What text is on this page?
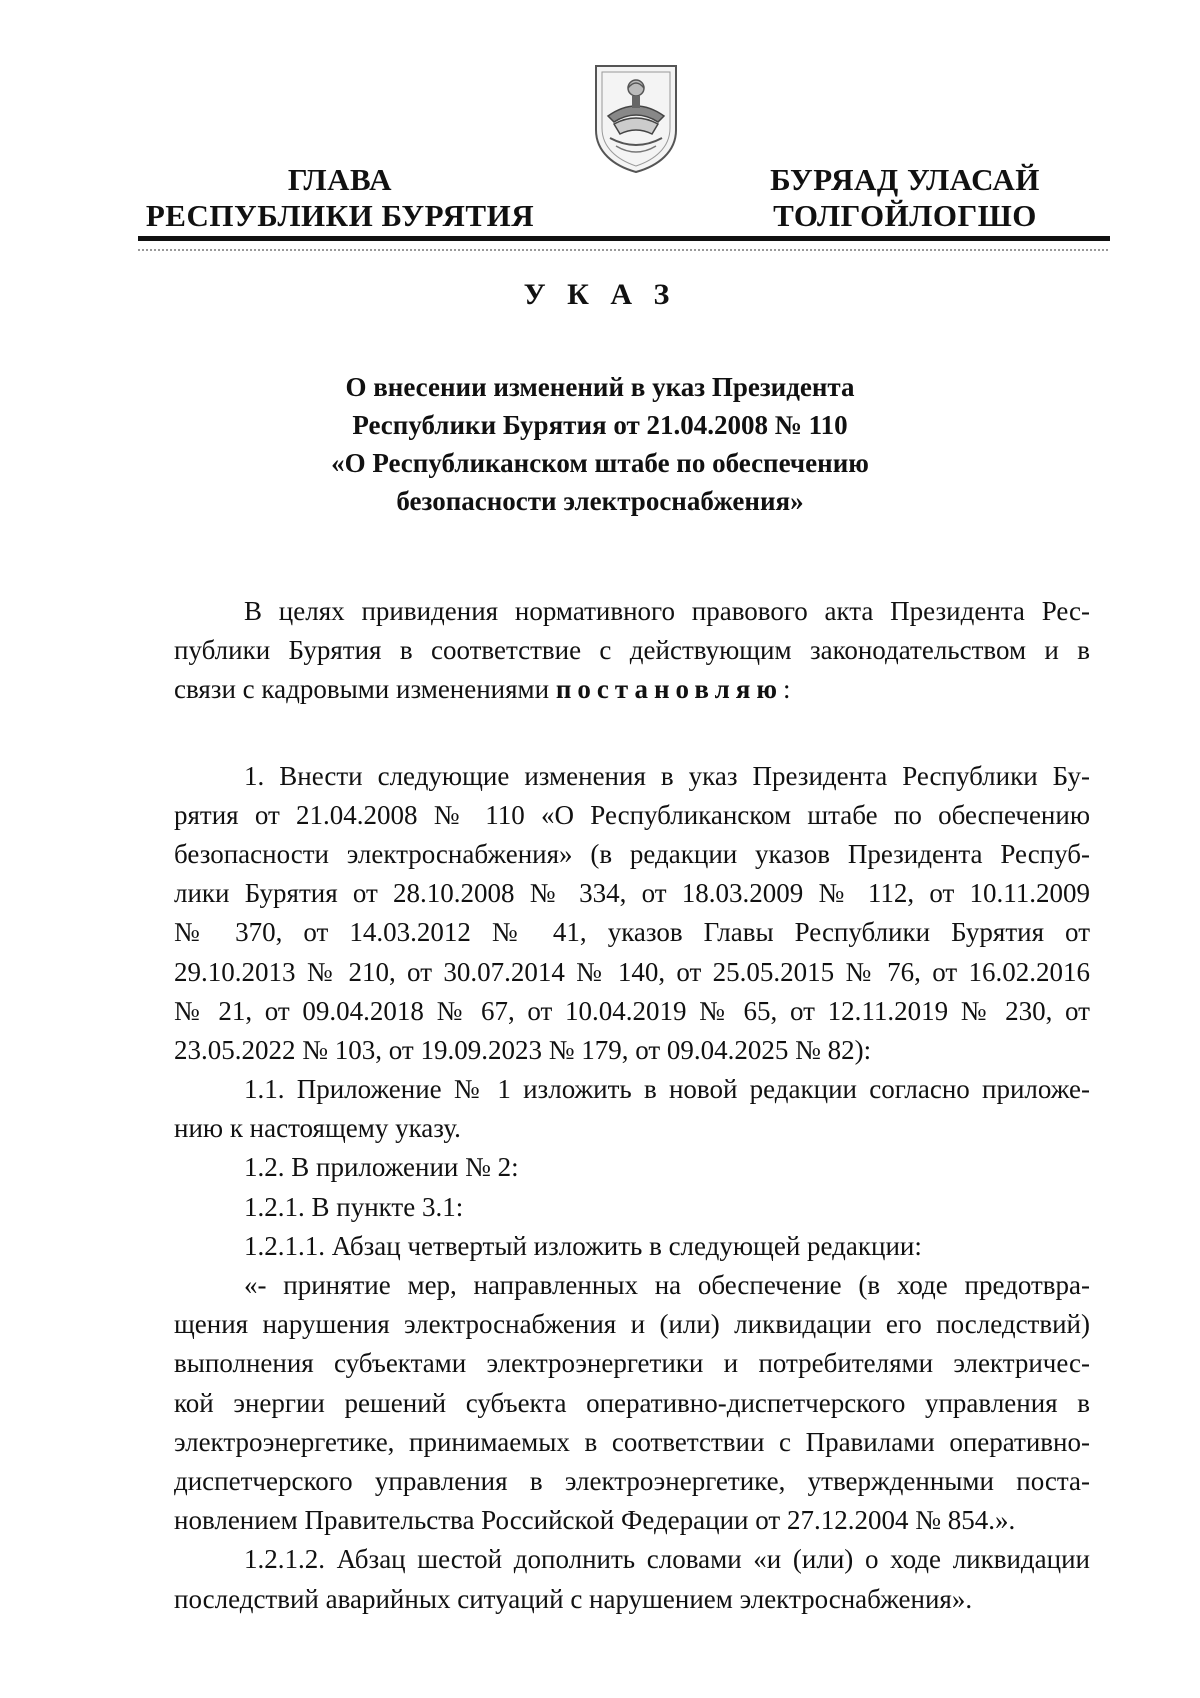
ГЛАВА
РЕСПУБЛИКИ БУРЯТИЯ
БУРЯАД УЛАСАЙ
ТОЛГОЙЛОГШО
У К А З
О внесении изменений в указ Президента
Республики Бурятия от 21.04.2008 № 110
«О Республиканском штабе по обеспечению
безопасности электроснабжения»
В целях привидения нормативного правового акта Президента Рес-
публики Бурятия в соответствие с действующим законодательством и в
связи с кадровыми изменениями постановляю:
1. Внести следующие изменения в указ Президента Республики Бу-
рятия от 21.04.2008 № 110 «О Республиканском штабе по обеспечению
безопасности электроснабжения» (в редакции указов Президента Респуб-
лики Бурятия от 28.10.2008 № 334, от 18.03.2009 № 112, от 10.11.2009
№ 370, от 14.03.2012 № 41, указов Главы Республики Бурятия от
29.10.2013 № 210, от 30.07.2014 № 140, от 25.05.2015 № 76, от 16.02.2016
№ 21, от 09.04.2018 № 67, от 10.04.2019 № 65, от 12.11.2019 № 230, от
23.05.2022 № 103, от 19.09.2023 № 179, от 09.04.2025 № 82):
1.1. Приложение № 1 изложить в новой редакции согласно приложе-
нию к настоящему указу.
1.2. В приложении № 2:
1.2.1. В пункте 3.1:
1.2.1.1. Абзац четвертый изложить в следующей редакции:
«- принятие мер, направленных на обеспечение (в ходе предотвра-
щения нарушения электроснабжения и (или) ликвидации его последствий)
выполнения субъектами электроэнергетики и потребителями электричес-
кой энергии решений субъекта оперативно-диспетчерского управления в
электроэнергетике, принимаемых в соответствии с Правилами оперативно-
диспетчерского управления в электроэнергетике, утвержденными поста-
новлением Правительства Российской Федерации от 27.12.2004 № 854.».
1.2.1.2. Абзац шестой дополнить словами «и (или) о ходе ликвидации
последствий аварийных ситуаций с нарушением электроснабжения».
